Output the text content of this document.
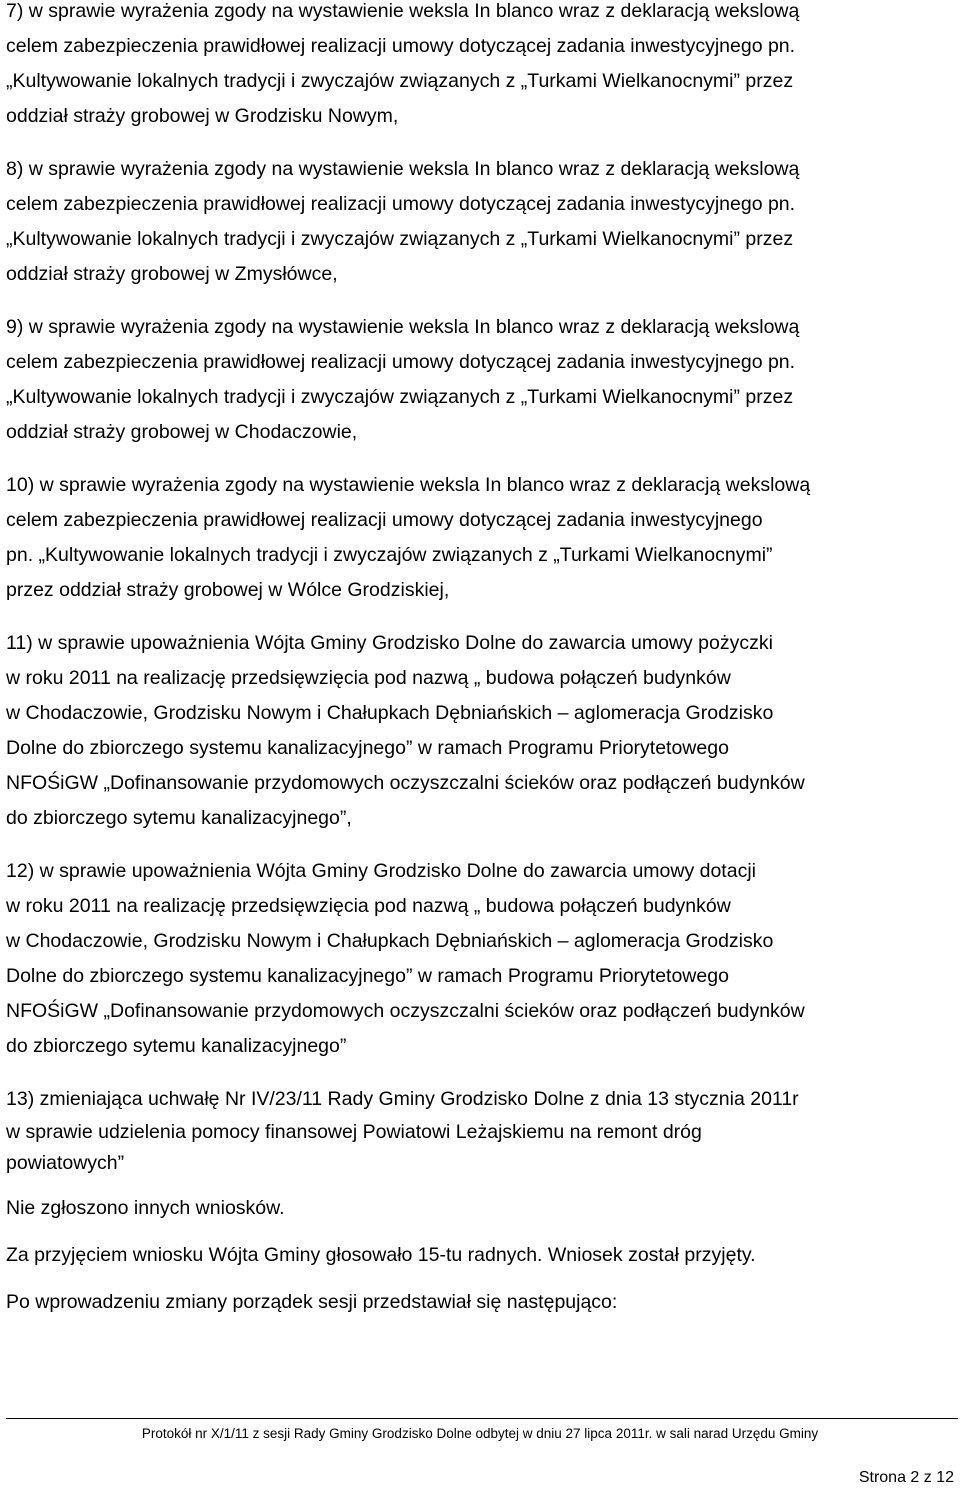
7) w sprawie wyrażenia zgody na wystawienie weksla In blanco wraz z deklaracją wekslową
celem zabezpieczenia prawidłowej realizacji umowy dotyczącej zadania inwestycyjnego pn.
„Kultywowanie lokalnych tradycji i zwyczajów związanych z „Turkami Wielkanocnymi” przez
oddział straży grobowej w Grodzisku Nowym,
8) w sprawie wyrażenia zgody na wystawienie weksla In blanco wraz z deklaracją wekslową
celem zabezpieczenia prawidłowej realizacji umowy dotyczącej zadania inwestycyjnego pn.
„Kultywowanie lokalnych tradycji i zwyczajów związanych z „Turkami Wielkanocnymi” przez
oddział straży grobowej w Zmysłówce,
9) w sprawie wyrażenia zgody na wystawienie weksla In blanco wraz z deklaracją wekslową
celem zabezpieczenia prawidłowej realizacji umowy dotyczącej zadania inwestycyjnego pn.
„Kultywowanie lokalnych tradycji i zwyczajów związanych z „Turkami Wielkanocnymi” przez
oddział straży grobowej w Chodaczowie,
10) w sprawie wyrażenia zgody na wystawienie weksla In blanco wraz z deklaracją wekslową
celem zabezpieczenia prawidłowej realizacji umowy dotyczącej zadania inwestycyjnego
pn. „Kultywowanie lokalnych tradycji i zwyczajów związanych z „Turkami Wielkanocnymi”
przez oddział straży grobowej w Wólce Grodziskiej,
11) w sprawie upoważnienia Wójta Gminy Grodzisko Dolne do zawarcia umowy pożyczki
w roku 2011 na realizację przedsięwzięcia pod nazwą „ budowa połączeń budynków
w Chodaczowie, Grodzisku Nowym i Chałupkach Dębniańskich – aglomeracja Grodzisko
Dolne do zbiorczego systemu kanalizacyjnego” w ramach Programu Priorytetowego
NFOŚiGW „Dofinansowanie przydomowych oczyszczalni ścieków oraz podłączeń budynków
do zbiorczego sytemu kanalizacyjnego”,
12) w sprawie upoważnienia Wójta Gminy Grodzisko Dolne do zawarcia umowy dotacji
w roku 2011 na realizację przedsięwzięcia pod nazwą „ budowa połączeń budynków
w Chodaczowie, Grodzisku Nowym i Chałupkach Dębniańskich – aglomeracja Grodzisko
Dolne do zbiorczego systemu kanalizacyjnego” w ramach Programu Priorytetowego
NFOŚiGW „Dofinansowanie przydomowych oczyszczalni ścieków oraz podłączeń budynków
do zbiorczego sytemu kanalizacyjnego”
13) zmieniająca uchwałę Nr IV/23/11 Rady Gminy Grodzisko Dolne z dnia 13 stycznia 2011r
w sprawie udzielenia pomocy finansowej Powiatowi Leżajskiemu na remont dróg
powiatowych”

Nie zgłoszono innych wniosków.

Za przyjęciem wniosku Wójta Gminy głosowało 15-tu radnych. Wniosek został przyjęty.

Po wprowadzeniu zmiany porządek sesji przedstawiał się następująco:

Protokół nr X/1/11 z sesji Rady Gminy Grodzisko Dolne odbytej w dniu 27 lipca 2011r. w sali narad Urzędu Gminy
Strona 2 z 12
